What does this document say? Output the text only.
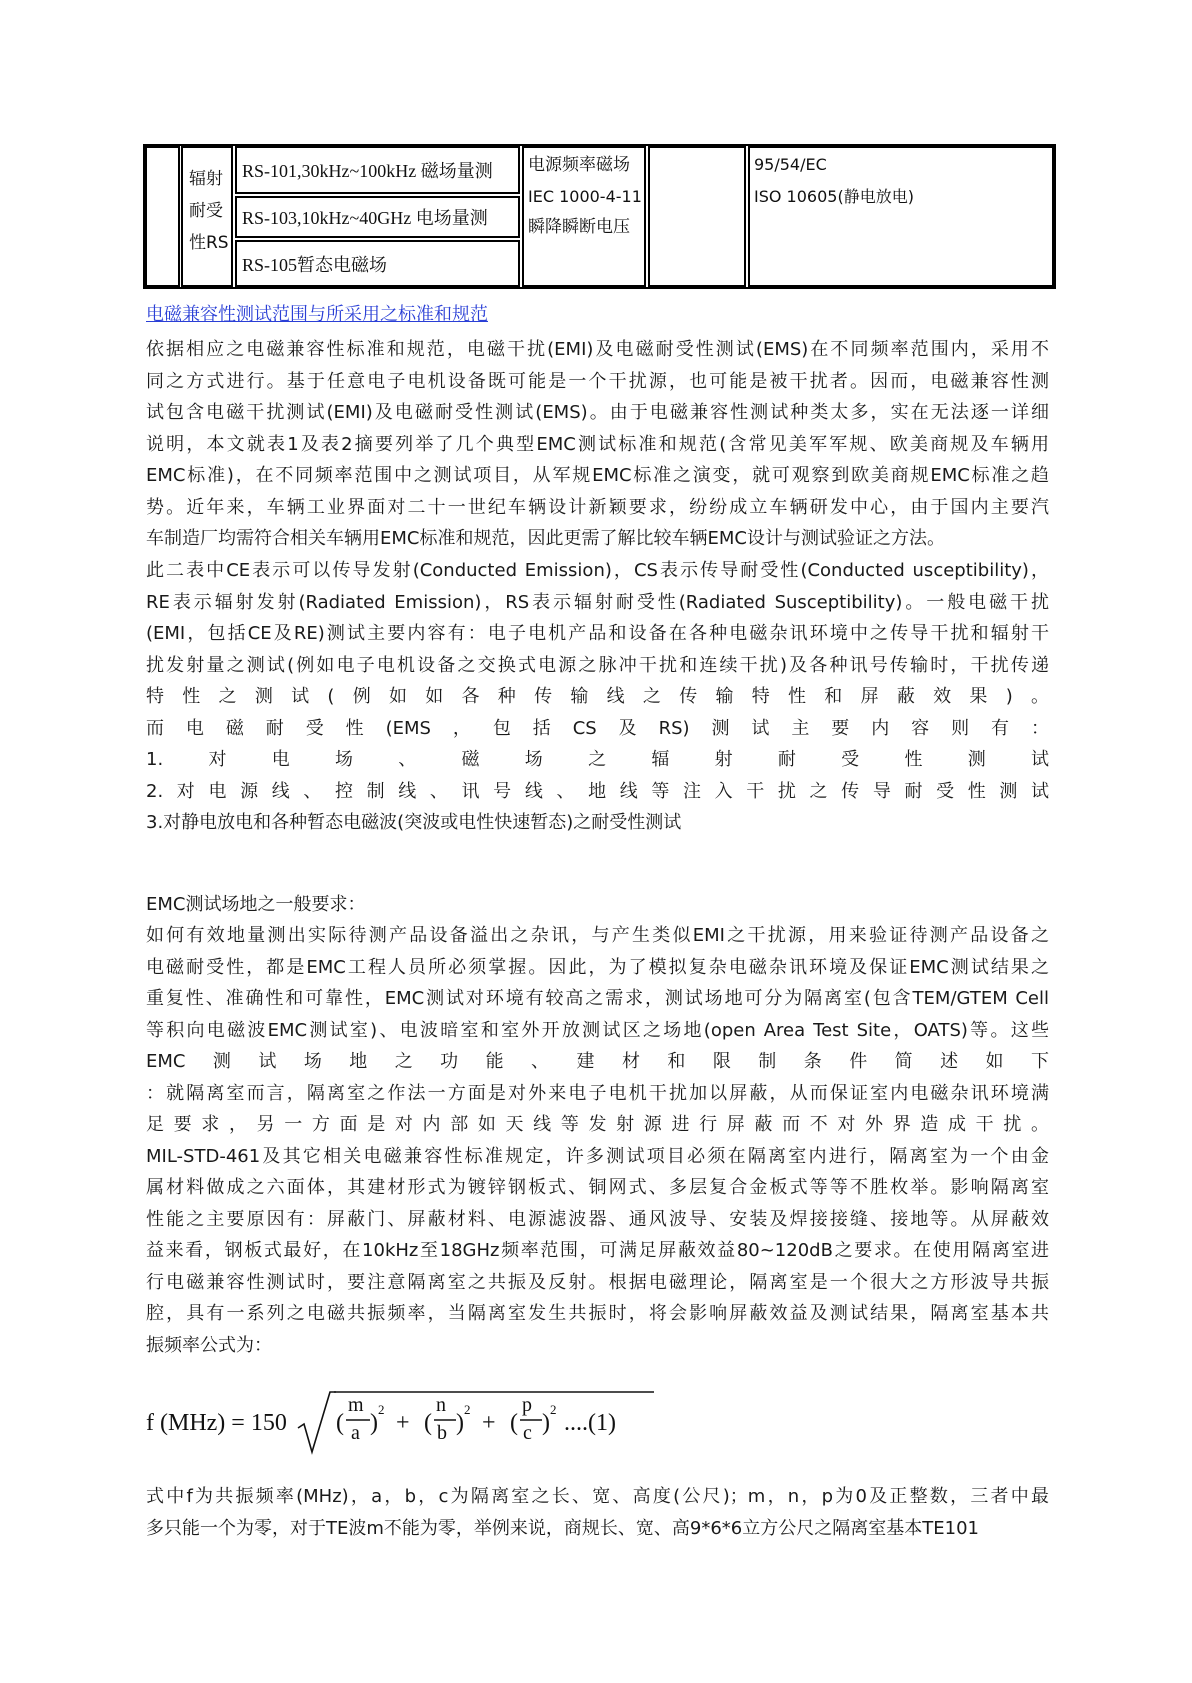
辐射
耐受
性RS
RS-101,30kHz~100kHz 磁场量测
RS-103,10kHz~40GHz 电场量测
RS-105暂态电磁场
电源频率磁场
IEC 1000-4-11
瞬降瞬断电压
95/54/EC
ISO 10605(静电放电)
电磁兼容性测试范围与所采用之标准和规范
依据相应之电磁兼容性标准和规范，电磁干扰(EMI)及电磁耐受性测试(EMS)在不同频率范围内，采用不
同之方式进行。基于任意电子电机设备既可能是一个干扰源，也可能是被干扰者。因而，电磁兼容性测
试包含电磁干扰测试(EMI)及电磁耐受性测试(EMS)。由于电磁兼容性测试种类太多，实在无法逐一详细
说明，本文就表1及表2摘要列举了几个典型EMC测试标准和规范(含常见美军军规、欧美商规及车辆用
EMC标准)，在不同频率范围中之测试项目，从军规EMC标准之演变，就可观察到欧美商规EMC标准之趋
势。近年来，车辆工业界面对二十一世纪车辆设计新颖要求，纷纷成立车辆研发中心，由于国内主要汽
车制造厂均需符合相关车辆用EMC标准和规范，因此更需了解比较车辆EMC设计与测试验证之方法。
此二表中CE表示可以传导发射(Conducted Emission)，CS表示传导耐受性(Conducted usceptibility)，
RE表示辐射发射(Radiated Emission)，RS表示辐射耐受性(Radiated Susceptibility)。一般电磁干扰
(EMI，包括CE及RE)测试主要内容有：电子电机产品和设备在各种电磁杂讯环境中之传导干扰和辐射干
扰发射量之测试(例如电子电机设备之交换式电源之脉冲干扰和连续干扰)及各种讯号传输时，干扰传递
特性之测试(例如如各种传输线之传输特性和屏蔽效果)。
而电磁耐受性(EMS，包括CS及RS)测试主要内容则有：
1.对电场、磁场之辐射耐受性测试
2.对电源线、控制线、讯号线、地线等注入干扰之传导耐受性测试
3.对静电放电和各种暂态电磁波(突波或电性快速暂态)之耐受性测试
EMC测试场地之一般要求：
如何有效地量测出实际待测产品设备溢出之杂讯，与产生类似EMI之干扰源，用来验证待测产品设备之
电磁耐受性，都是EMC工程人员所必须掌握。因此，为了模拟复杂电磁杂讯环境及保证EMC测试结果之
重复性、准确性和可靠性，EMC测试对环境有较高之需求，测试场地可分为隔离室(包含TEM/GTEM Cell
等积向电磁波EMC测试室)、电波暗室和室外开放测试区之场地(open Area Test Site，OATS)等。这些
EMC测试场地之功能、建材和限制条件简述如下
：就隔离室而言，隔离室之作法一方面是对外来电子电机干扰加以屏蔽，从而保证室内电磁杂讯环境满
足要求，另一方面是对内部如天线等发射源进行屏蔽而不对外界造成干扰。
MIL-STD-461及其它相关电磁兼容性标准规定，许多测试项目必须在隔离室内进行，隔离室为一个由金
属材料做成之六面体，其建材形式为镀锌钢板式、铜网式、多层复合金板式等等不胜枚举。影响隔离室
性能之主要原因有：屏蔽门、屏蔽材料、电源滤波器、通风波导、安装及焊接接缝、接地等。从屏蔽效
益来看，钢板式最好，在10kHz至18GHz频率范围，可满足屏蔽效益80~120dB之要求。在使用隔离室进
行电磁兼容性测试时，要注意隔离室之共振及反射。根据电磁理论，隔离室是一个很大之方形波导共振
腔，具有一系列之电磁共振频率，当隔离室发生共振时，将会影响屏蔽效益及测试结果，隔离室基本共
振频率公式为：
式中f为共振频率(MHz)，a，b，c为隔离室之长、宽、高度(公尺)；m，n，p为0及正整数，三者中最
多只能一个为零，对于TE波m不能为零，举例来说，商规长、宽、高9*6*6立方公尺之隔离室基本TE101
f (MHz) = 150 (
m
a )
2
+ (
n
b )
2
+ (
p
c )
2
....(1)
